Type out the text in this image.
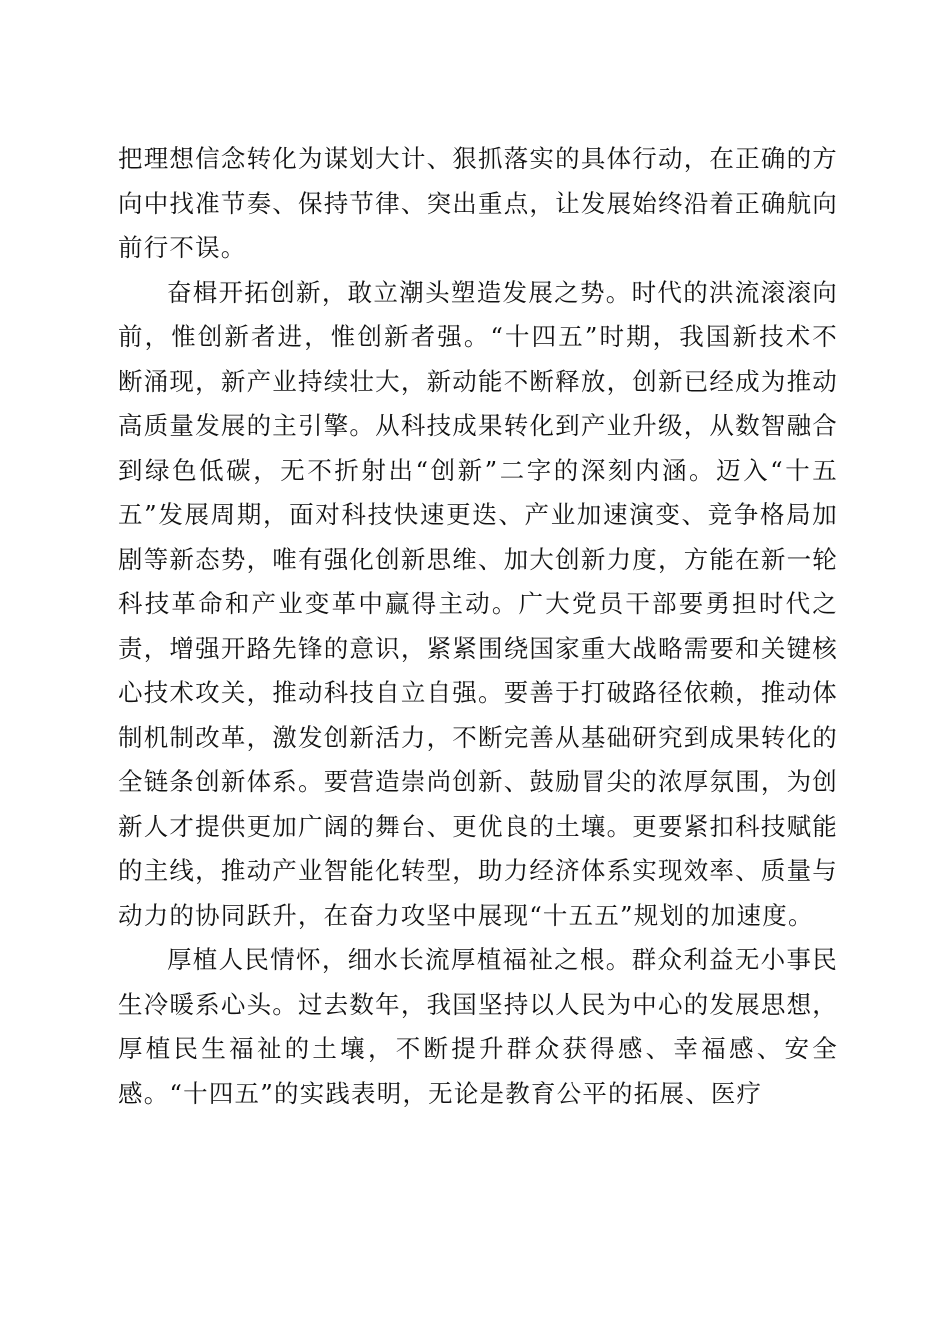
把理想信念转化为谋划大计、狠抓落实的具体行动，在正确的方向中找准节奏、保持节律、突出重点，让发展始终沿着正确航向前行不误。

奋楫开拓创新，敢立潮头塑造发展之势。时代的洪流滚滚向前，惟创新者进，惟创新者强。“十四五”时期，我国新技术不断涌现，新产业持续壮大，新动能不断释放，创新已经成为推动高质量发展的主引擎。从科技成果转化到产业升级，从数智融合到绿色低碳，无不折射出“创新”二字的深刻内涵。迈入“十五五”发展周期，面对科技快速更迭、产业加速演变、竞争格局加剧等新态势，唯有强化创新思维、加大创新力度，方能在新一轮科技革命和产业变革中赢得主动。广大党员干部要勇担时代之责，增强开路先锋的意识，紧紧围绕国家重大战略需要和关键核心技术攻关，推动科技自立自强。要善于打破路径依赖，推动体制机制改革，激发创新活力，不断完善从基础研究到成果转化的全链条创新体系。要营造崇尚创新、鼓励冒尖的浓厚氛围，为创新人才提供更加广阔的舞台、更优良的土壤。更要紧扣科技赋能的主线，推动产业智能化转型，助力经济体系实现效率、质量与动力的协同跃升，在奋力攻坚中展现“十五五”规划的加速度。

厚植人民情怀，细水长流厚植福祉之根。群众利益无小事民生冷暖系心头。过去数年，我国坚持以人民为中心的发展思想，厚植民生福祉的土壤，不断提升群众获得感、幸福感、安全感。“十四五”的实践表明，无论是教育公平的拓展、医疗
